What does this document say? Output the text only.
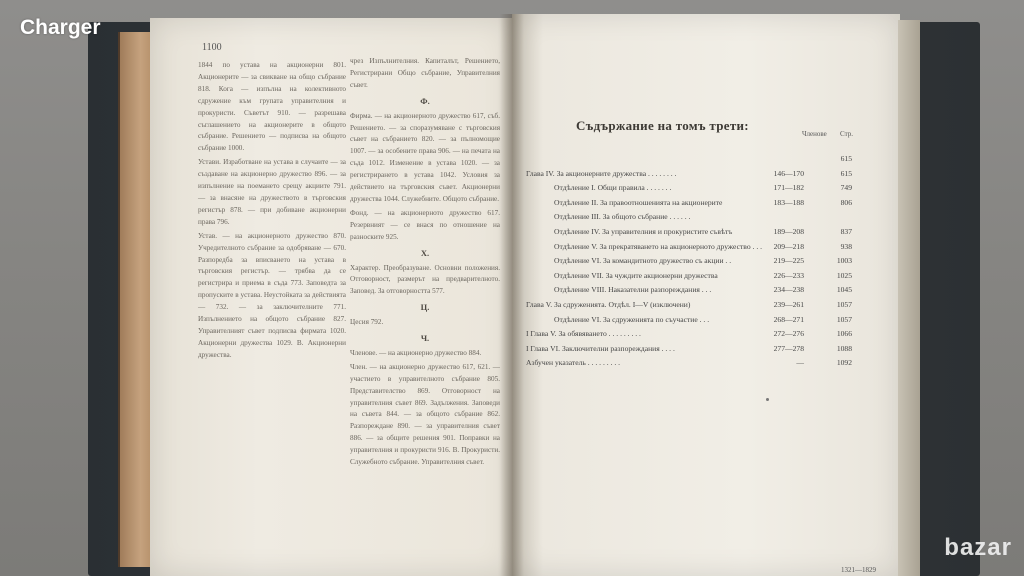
1100

1844 по устава на акционерни 801. Акционерите — за свикване на общо събрание 818. Кога — изпълна на колективното сдружение към групата управителния и прокуристи. Съветът 910. — разрешава съглашението на акционерите в общото събрание. Решението — подписва на общото събрание 1000.

Устави. Изработване на устава в случаите — за създаване на акционерно дружество 896. — за изпълнение на поемането срещу акциите 791. — за внасяне на дружеството в търговския регистър 878. — при добиване акционерни права 796.

Устав. — на акционерното дружество 870. Учредителното събрание за одобряване — 670. Разпоредба за вписването на устава в търговския регистър. — трябва да се регистрира и приема в съда 773. Заповедта за пропуските в устава. Неустойката за действията — 732. — за заключителните 771. Изпълнението на общото събрание 827. Управителният съвет подписва фирмата 1020. Акционерни дружества 1029. В. Акционерни дружества.

чрез Изпълнителния. Капиталът, Решението, Регистрирани Общо събрание, Управителния съвет.

Ф.

Фирма. — на акционерното дружество 617, съб. Решението. — за споразумяване с търговския съвет на събранието 820. — за пълномощие 1007. — за особените права 906. — на печата на съда 1012. Изменение в устава 1020. — за регистрирането в устава 1042. Условия за действието на търговския съвет. Акционерни дружества 1044. Служебните. Общото събрание.

Фонд. — на акционерното дружество 617. Резервният — се внася по отношение на разноските 925.

Х.

Характер. Преобразуване. Основни положения. Отговорност, размерът на предварителното. Заповед. За отговорността 577.

Ц.

Цесия 792.

Ч.

Членове. — на акционерно дружество 884.

Член. — на акционерно дружество 617, 621. — участието в управителното събрание 805. Представителство 869. Отговорност на управителния съвет 869. Задължения. Заповеди на съвета 844. — за общото събрание 862. Разпореждане 890. — за управителния съвет 886. — за общите решения 901. Поправки на управителния и прокуристи 916. В. Прокуристи. Служебното събрание. Управителния съвет.

Съдържание на томъ трети:
Членове Стр.
615
Глава IV. За акционерните дружества . . . . . . . .	146—170	615
Отдѣление I. Общи правила . . . . . . .	171—182	749
Отдѣление II. За правоотношенията на акционерите	183—188	806
Отдѣление III. За общото събрание . . . . . .
Отдѣление IV. За управителния и прокуристите съвѣтъ	189—208	837
Отдѣление V. За прекратяването на акционерното дружество . . . 209—218	938
Отдѣление VI. За командитното дружество съ акции . .	219—225	1003
Отдѣление VII. За чуждите акционерни дружества	226—233	1025
Отдѣление VIII. Наказателни разпореждания . . .	234—238	1045
Глава V. За сдруженията. Отдѣл. I—V (изключени)	239—261	1057
Отдѣление VI. За сдруженията по съучастие . . .	268—271	1057
I Глава V. За обявяването . . . . . . . . .	272—276	1066
I Глава VI. Заключителни разпореждания . . . .	277—278	1088
Азбучен указатель . . . . . . . . .	—	1092
1321—1829
Charger
bazar
